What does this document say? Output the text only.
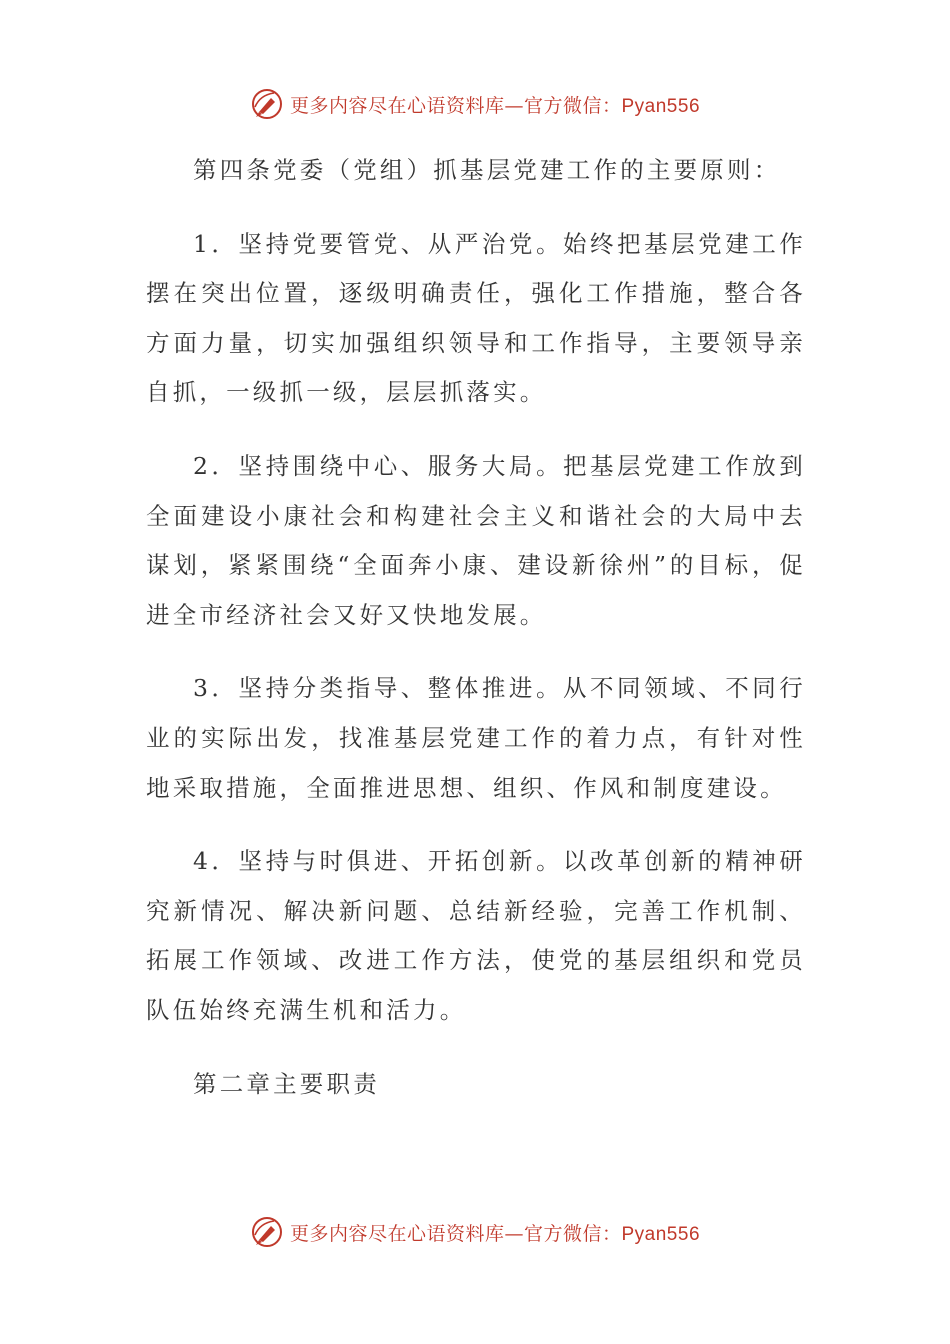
更多内容尽在心语资料库—官方微信：Pyan556

第四条党委（党组）抓基层党建工作的主要原则：

1．坚持党要管党、从严治党。始终把基层党建工作摆在突出位置，逐级明确责任，强化工作措施，整合各方面力量，切实加强组织领导和工作指导，主要领导亲自抓，一级抓一级，层层抓落实。

2．坚持围绕中心、服务大局。把基层党建工作放到全面建设小康社会和构建社会主义和谐社会的大局中去谋划，紧紧围绕“全面奔小康、建设新徐州”的目标，促进全市经济社会又好又快地发展。

3．坚持分类指导、整体推进。从不同领域、不同行业的实际出发，找准基层党建工作的着力点，有针对性地采取措施，全面推进思想、组织、作风和制度建设。

4．坚持与时俱进、开拓创新。以改革创新的精神研究新情况、解决新问题、总结新经验，完善工作机制、拓展工作领域、改进工作方法，使党的基层组织和党员队伍始终充满生机和活力。

第二章主要职责

更多内容尽在心语资料库—官方微信：Pyan556
